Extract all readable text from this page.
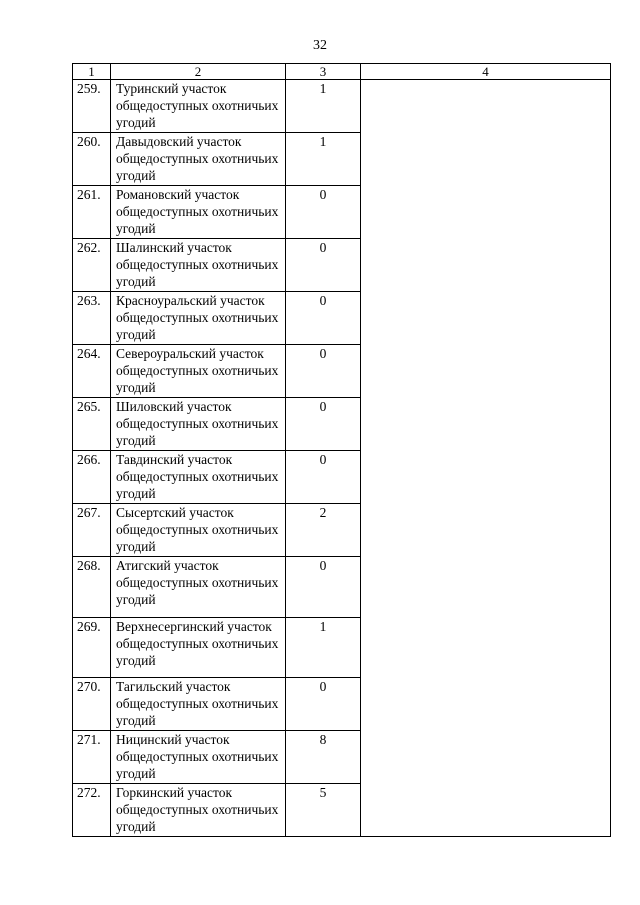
32
1	2	3	4
259.	Туринский участок общедоступных охотничьих угодий	1	
260.	Давыдовский участок общедоступных охотничьих угодий	1	
261.	Романовский участок общедоступных охотничьих угодий	0	
262.	Шалинский участок общедоступных охотничьих угодий	0	
263.	Красноуральский участок общедоступных охотничьих угодий	0	
264.	Североуральский участок общедоступных охотничьих угодий	0	
265.	Шиловский участок общедоступных охотничьих угодий	0	
266.	Тавдинский участок общедоступных охотничьих угодий	0	
267.	Сысертский участок общедоступных охотничьих угодий	2	
268.	Атигский участок общедоступных охотничьих угодий	0	
269.	Верхнесергинский участок общедоступных охотничьих угодий	1	
270.	Тагильский участок общедоступных охотничьих угодий	0	
271.	Ницинский участок общедоступных охотничьих угодий	8	
272.	Горкинский участок общедоступных охотничьих угодий	5	
